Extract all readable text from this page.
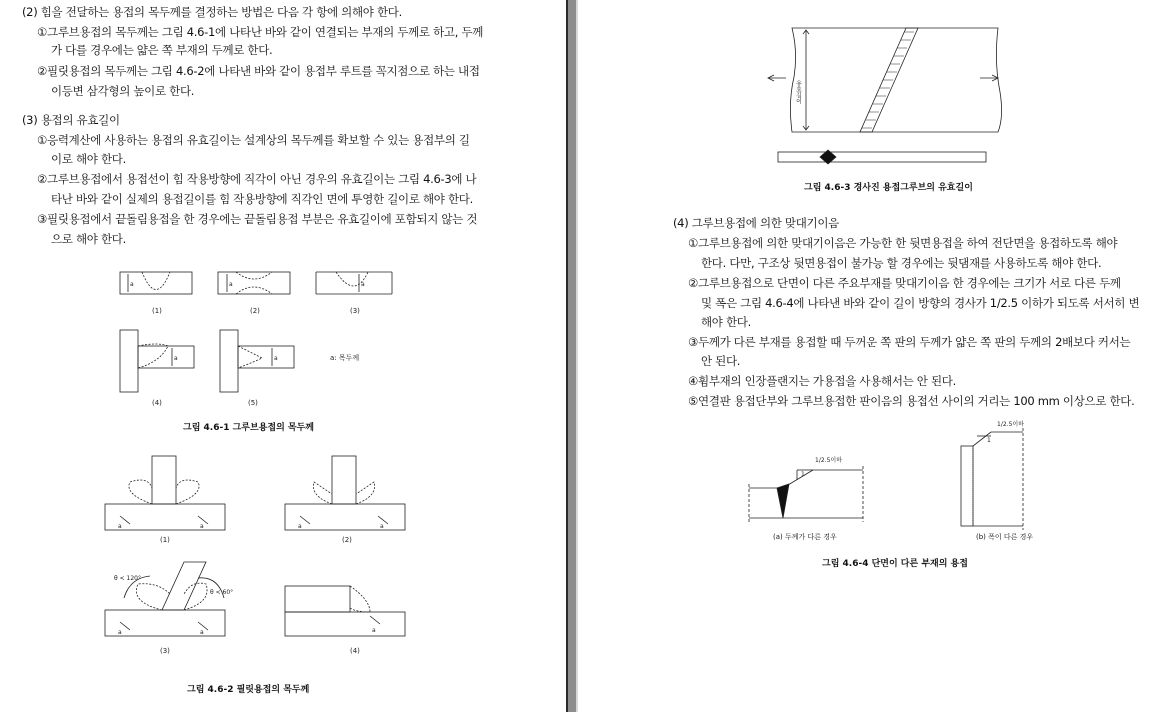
(2) 힘을 전달하는 용접의 목두께를 결정하는 방법은 다음 각 항에 의해야 한다.
①그루브용접의 목두께는 그림 4.6-1에 나타난 바와 같이 연결되는 부재의 두께로 하고, 두께
가 다를 경우에는 얇은 쪽 부재의 두께로 한다.
②필릿용접의 목두께는 그림 4.6-2에 나타낸 바와 같이 용접부 루트를 꼭지점으로 하는 내접
이등변 삼각형의 높이로 한다.
(3) 용접의 유효길이
①응력계산에 사용하는 용접의 유효길이는 설계상의 목두께를 확보할 수 있는 용접부의 길
이로 해야 한다.
②그루브용접에서 용접선이 힘 작용방향에 직각이 아닌 경우의 유효길이는 그림 4.6-3에 나
타난 바와 같이 실제의 용접길이를 힘 작용방향에 직각인 면에 투영한 길이로 해야 한다.
③필릿용접에서 끝돌림용접을 한 경우에는 끝돌림용접 부분은 유효길이에 포함되지 않는 것
으로 해야 한다.
a	a	a
(1)	(2)	(3)
a	a	a: 목두께
(4)	(5)
그림 4.6-1 그루브용접의 목두께
a	a	a	a
(1)	(2)
θ < 120°
θ < 60°
a	a	a
(3)	(4)
그림 4.6-2 필릿용접의 목두께
유효길이
그림 4.6-3 경사진 용접그루브의 유효길이
(4) 그루브용접에 의한 맞대기이음
①그루브용접에 의한 맞대기이음은 가능한 한 뒷면용접을 하여 전단면을 용접하도록 해야
한다. 다만, 구조상 뒷면용접이 불가능 할 경우에는 뒷댐재를 사용하도록 해야 한다.
②그루브용접으로 단면이 다른 주요부재를 맞대기이음 한 경우에는 크기가 서로 다른 두께
및 폭은 그림 4.6-4에 나타낸 바와 같이 길이 방향의 경사가 1/2.5 이하가 되도록 서서히 변
해야 한다.
③두께가 다른 부재를 용접할 때 두꺼운 쪽 판의 두께가 얇은 쪽 판의 두께의 2배보다 커서는
안 된다.
④휨부재의 인장플랜지는 가용접을 사용해서는 안 된다.
⑤연결판 용접단부와 그루브용접한 판이음의 용접선 사이의 거리는 100 mm 이상으로 한다.
1
1/2.5이하
1
1/2.5이하
(a) 두께가 다른 경우	(b) 폭이 다른 경우
그림 4.6-4 단면이 다른 부재의 용접
